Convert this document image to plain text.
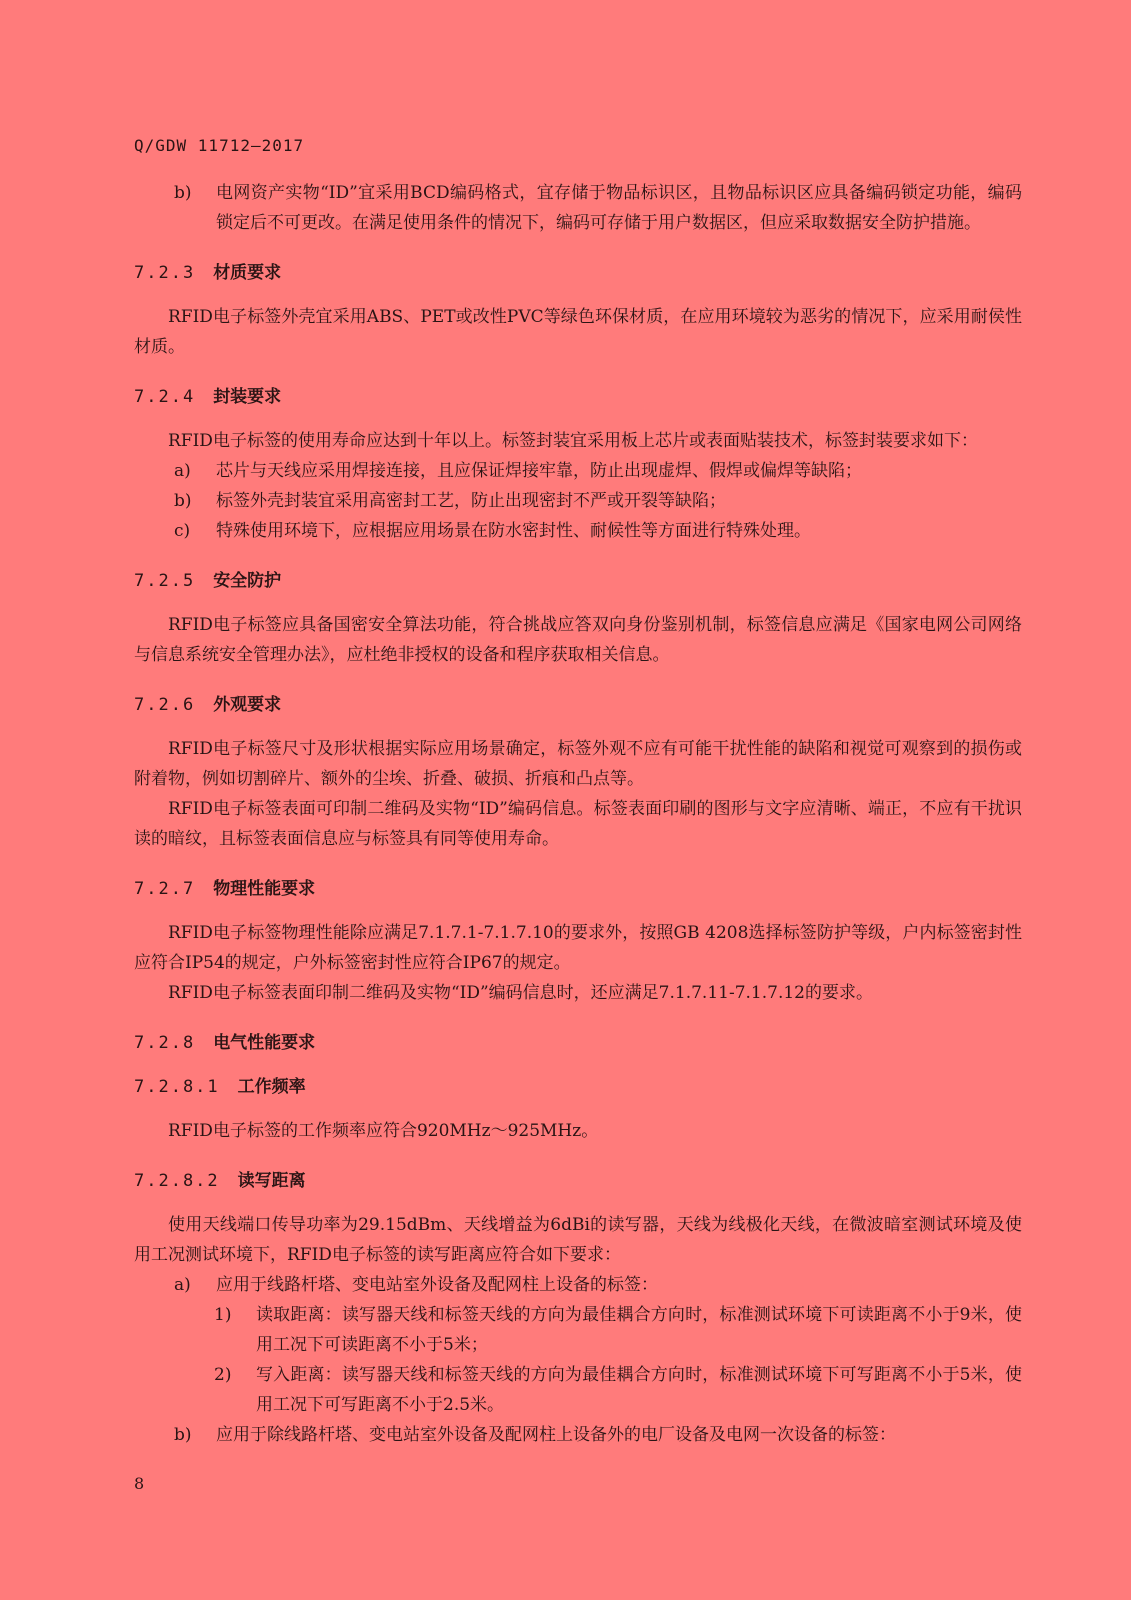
Q/GDW 11712—2017
b) 电网资产实物“ID”宜采用BCD编码格式，宜存储于物品标识区，且物品标识区应具备编码锁定功能，编码锁定后不可更改。在满足使用条件的情况下，编码可存储于用户数据区，但应采取数据安全防护措施。
7.2.3 材质要求
RFID电子标签外壳宜采用ABS、PET或改性PVC等绿色环保材质，在应用环境较为恶劣的情况下，应采用耐侯性材质。
7.2.4 封装要求
RFID电子标签的使用寿命应达到十年以上。标签封装宜采用板上芯片或表面贴装技术，标签封装要求如下：
a) 芯片与天线应采用焊接连接，且应保证焊接牢靠，防止出现虚焊、假焊或偏焊等缺陷；
b) 标签外壳封装宜采用高密封工艺，防止出现密封不严或开裂等缺陷；
c) 特殊使用环境下，应根据应用场景在防水密封性、耐候性等方面进行特殊处理。
7.2.5 安全防护
RFID电子标签应具备国密安全算法功能，符合挑战应答双向身份鉴别机制，标签信息应满足《国家电网公司网络与信息系统安全管理办法》，应杜绝非授权的设备和程序获取相关信息。
7.2.6 外观要求
RFID电子标签尺寸及形状根据实际应用场景确定，标签外观不应有可能干扰性能的缺陷和视觉可观察到的损伤或附着物，例如切割碎片、额外的尘埃、折叠、破损、折痕和凸点等。
RFID电子标签表面可印制二维码及实物“ID”编码信息。标签表面印刷的图形与文字应清晰、端正，不应有干扰识读的暗纹，且标签表面信息应与标签具有同等使用寿命。
7.2.7 物理性能要求
RFID电子标签物理性能除应满足7.1.7.1-7.1.7.10的要求外，按照GB 4208选择标签防护等级，户内标签密封性应符合IP54的规定，户外标签密封性应符合IP67的规定。
RFID电子标签表面印制二维码及实物“ID”编码信息时，还应满足7.1.7.11-7.1.7.12的要求。
7.2.8 电气性能要求
7.2.8.1 工作频率
RFID电子标签的工作频率应符合920MHz～925MHz。
7.2.8.2 读写距离
使用天线端口传导功率为29.15dBm、天线增益为6dBi的读写器，天线为线极化天线，在微波暗室测试环境及使用工况测试环境下，RFID电子标签的读写距离应符合如下要求：
a) 应用于线路杆塔、变电站室外设备及配网柱上设备的标签：
1) 读取距离：读写器天线和标签天线的方向为最佳耦合方向时，标准测试环境下可读距离不小于9米，使用工况下可读距离不小于5米；
2) 写入距离：读写器天线和标签天线的方向为最佳耦合方向时，标准测试环境下可写距离不小于5米，使用工况下可写距离不小于2.5米。
b) 应用于除线路杆塔、变电站室外设备及配网柱上设备外的电厂设备及电网一次设备的标签：
8
